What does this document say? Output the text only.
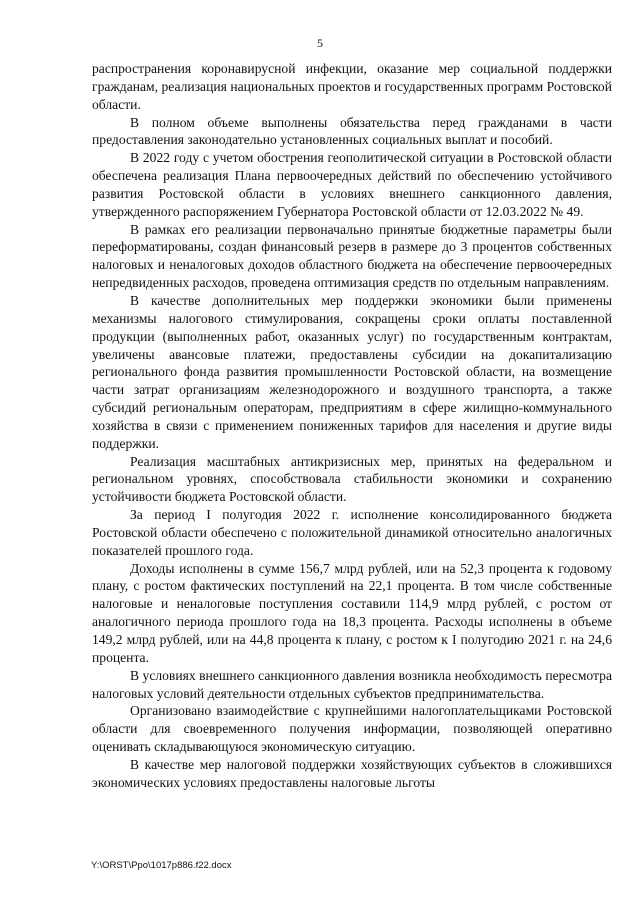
5

распространения коронавирусной инфекции, оказание мер социальной поддержки гражданам, реализация национальных проектов и государственных программ Ростовской области.

В полном объеме выполнены обязательства перед гражданами в части предоставления законодательно установленных социальных выплат и пособий.

В 2022 году с учетом обострения геополитической ситуации в Ростовской области обеспечена реализация Плана первоочередных действий по обеспечению устойчивого развития Ростовской области в условиях внешнего санкционного давления, утвержденного распоряжением Губернатора Ростовской области от 12.03.2022 № 49.

В рамках его реализации первоначально принятые бюджетные параметры были переформатированы, создан финансовый резерв в размере до 3 процентов собственных налоговых и неналоговых доходов областного бюджета на обеспечение первоочередных непредвиденных расходов, проведена оптимизация средств по отдельным направлениям.

В качестве дополнительных мер поддержки экономики были применены механизмы налогового стимулирования, сокращены сроки оплаты поставленной продукции (выполненных работ, оказанных услуг) по государственным контрактам, увеличены авансовые платежи, предоставлены субсидии на докапитализацию регионального фонда развития промышленности Ростовской области, на возмещение части затрат организациям железнодорожного и воздушного транспорта, а также субсидий региональным операторам, предприятиям в сфере жилищно-коммунального хозяйства в связи с применением пониженных тарифов для населения и другие виды поддержки.

Реализация масштабных антикризисных мер, принятых на федеральном и региональном уровнях, способствовала стабильности экономики и сохранению устойчивости бюджета Ростовской области.

За период I полугодия 2022 г. исполнение консолидированного бюджета Ростовской области обеспечено с положительной динамикой относительно аналогичных показателей прошлого года.

Доходы исполнены в сумме 156,7 млрд рублей, или на 52,3 процента к годовому плану, с ростом фактических поступлений на 22,1 процента. В том числе собственные налоговые и неналоговые поступления составили 114,9 млрд рублей, с ростом от аналогичного периода прошлого года на 18,3 процента. Расходы исполнены в объеме 149,2 млрд рублей, или на 44,8 процента к плану, с ростом к I полугодию 2021 г. на 24,6 процента.

В условиях внешнего санкционного давления возникла необходимость пересмотра налоговых условий деятельности отдельных субъектов предпринимательства.

Организовано взаимодействие с крупнейшими налогоплательщиками Ростовской области для своевременного получения информации, позволяющей оперативно оценивать складывающуюся экономическую ситуацию.

В качестве мер налоговой поддержки хозяйствующих субъектов в сложившихся экономических условиях предоставлены налоговые льготы

Y:\ORST\Ppo\1017p886.f22.docx
